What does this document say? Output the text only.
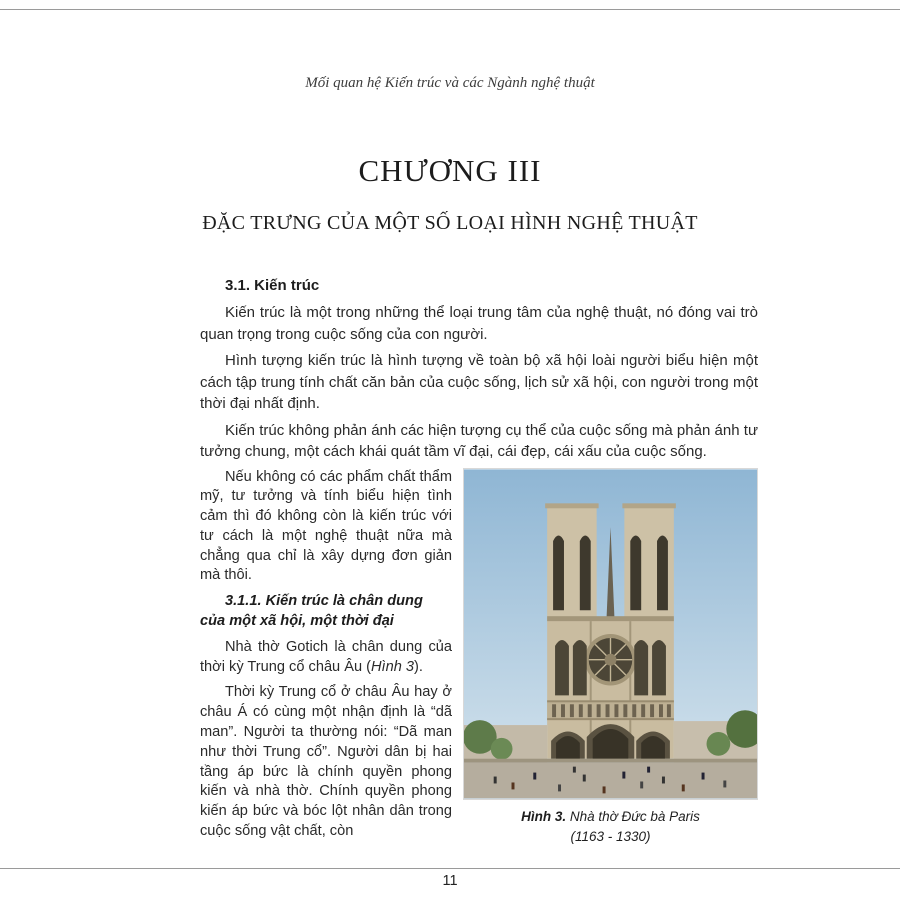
Mối quan hệ Kiến trúc và các Ngành nghệ thuật
CHƯƠNG III
ĐẶC TRƯNG CỦA MỘT SỐ LOẠI HÌNH NGHỆ THUẬT

3.1. Kiến trúc

Kiến trúc là một trong những thể loại trung tâm của nghệ thuật, nó đóng vai trò quan trọng trong cuộc sống của con người.

Hình tượng kiến trúc là hình tượng về toàn bộ xã hội loài người biểu hiện một cách tập trung tính chất căn bản của cuộc sống, lịch sử xã hội, con người trong một thời đại nhất định.

Kiến trúc không phản ánh các hiện tượng cụ thể của cuộc sống mà phản ánh tư tưởng chung, một cách khái quát tầm vĩ đại, cái đẹp, cái xấu của cuộc sống.

Nếu không có các phẩm chất thẩm mỹ, tư tưởng và tính biểu hiện tình cảm thì đó không còn là kiến trúc với tư cách là một nghệ thuật nữa mà chẳng qua chỉ là xây dựng đơn giản mà thôi.

3.1.1. Kiến trúc là chân dung của một xã hội, một thời đại

Nhà thờ Gotich là chân dung của thời kỳ Trung cổ châu Âu (Hình 3).

Thời kỳ Trung cổ ở châu Âu hay ở châu Á có cùng một nhận định là “dã man”. Người ta thường nói: “Dã man như thời Trung cổ”. Người dân bị hai tầng áp bức là chính quyền phong kiến và nhà thờ. Chính quyền phong kiến áp bức và bóc lột nhân dân trong cuộc sống vật chất, còn

Hình 3. Nhà thờ Đức bà Paris
(1163 - 1330)
11
